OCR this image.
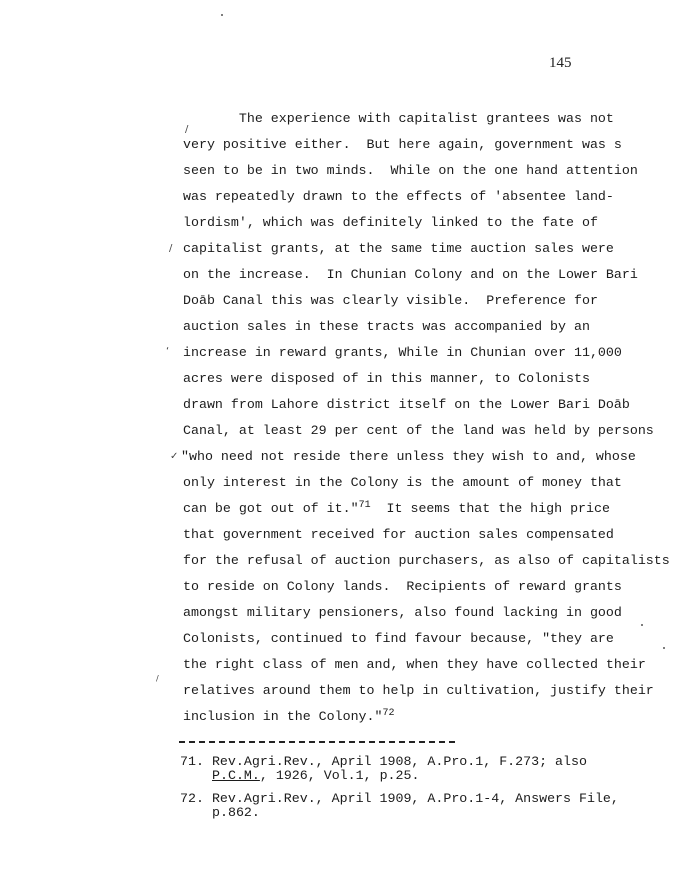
145
The experience with capitalist grantees was not
very positive either.  But here again, government was s
seen to be in two minds.  While on the one hand attention
was repeatedly drawn to the effects of 'absentee land-
lordism', which was definitely linked to the fate of
capitalist grants, at the same time auction sales were
on the increase.  In Chunian Colony and on the Lower Bari
Doāb Canal this was clearly visible.  Preference for
auction sales in these tracts was accompanied by an
increase in reward grants, While in Chunian over 11,000
acres were disposed of in this manner, to Colonists
drawn from Lahore district itself on the Lower Bari Doāb
Canal, at least 29 per cent of the land was held by persons
"who need not reside there unless they wish to and, whose
only interest in the Colony is the amount of money that
can be got out of it."$^{71}$  It seems that the high price
that government received for auction sales compensated
for the refusal of auction purchasers, as also of capitalists
to reside on Colony lands.  Recipients of reward grants
amongst military pensioners, also found lacking in good
Colonists, continued to find favour because, "they are
the right class of men and, when they have collected their
relatives around them to help in cultivation, justify their
inclusion in the Colony."$^{72}$
/
/
‘
✓
/
71. Rev.Agri.Rev., April 1908, A.Pro.1, F.273; also
P.C.M., 1926, Vol.1, p.25.
72. Rev.Agri.Rev., April 1909, A.Pro.1-4, Answers File,
p.862.
